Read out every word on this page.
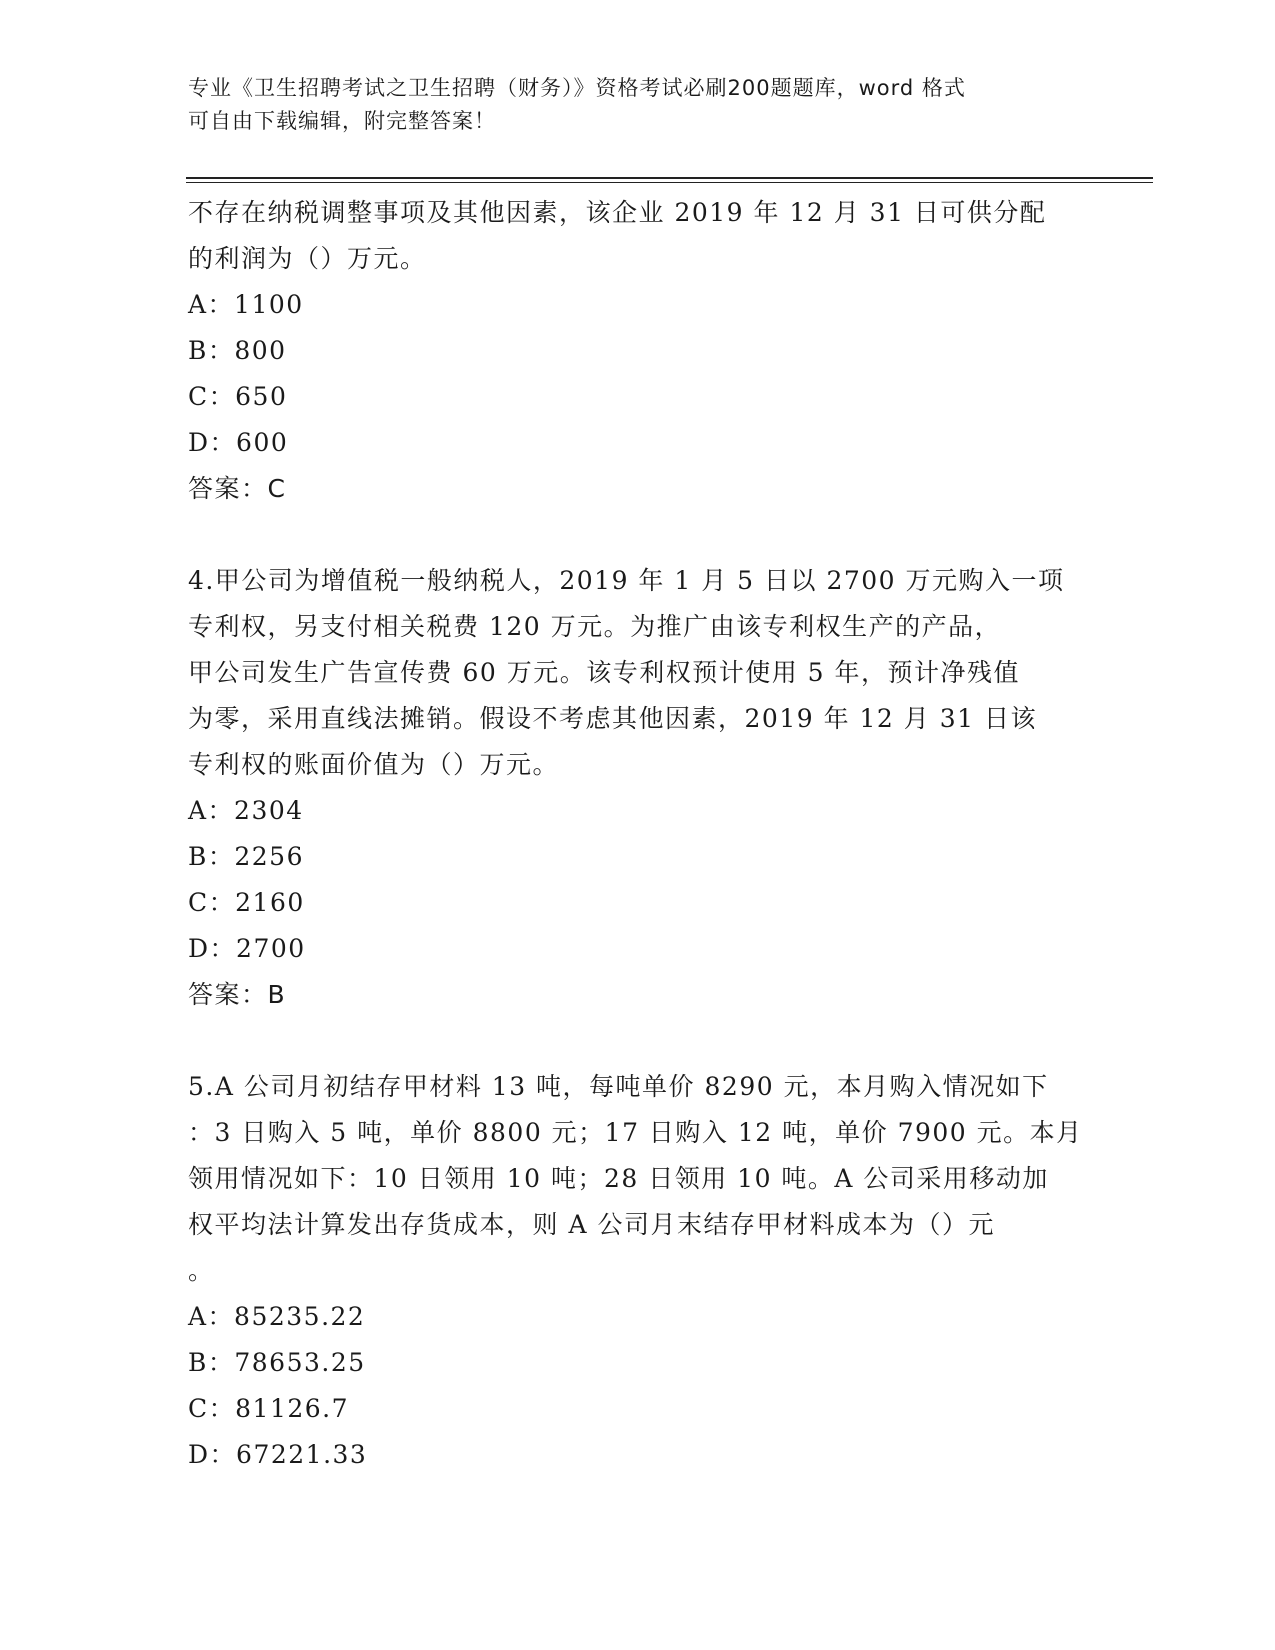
专业《卫生招聘考试之卫生招聘（财务）》资格考试必刷200题题库，word 格式
可自由下载编辑，附完整答案！
不存在纳税调整事项及其他因素，该企业 2019 年 12 月 31 日可供分配
的利润为（）万元。
A：1100
B：800
C：650
D：600
答案：C
4.甲公司为增值税一般纳税人，2019 年 1 月 5 日以 2700 万元购入一项
专利权，另支付相关税费 120 万元。为推广由该专利权生产的产品，
甲公司发生广告宣传费 60 万元。该专利权预计使用 5 年，预计净残值
为零，采用直线法摊销。假设不考虑其他因素，2019 年 12 月 31 日该
专利权的账面价值为（）万元。
A：2304
B：2256
C：2160
D：2700
答案：B
5.A 公司月初结存甲材料 13 吨，每吨单价 8290 元，本月购入情况如下
：3 日购入 5 吨，单价 8800 元；17 日购入 12 吨，单价 7900 元。本月
领用情况如下：10 日领用 10 吨；28 日领用 10 吨。A 公司采用移动加
权平均法计算发出存货成本，则 A 公司月末结存甲材料成本为（）元
。
A：85235.22
B：78653.25
C：81126.7
D：67221.33
